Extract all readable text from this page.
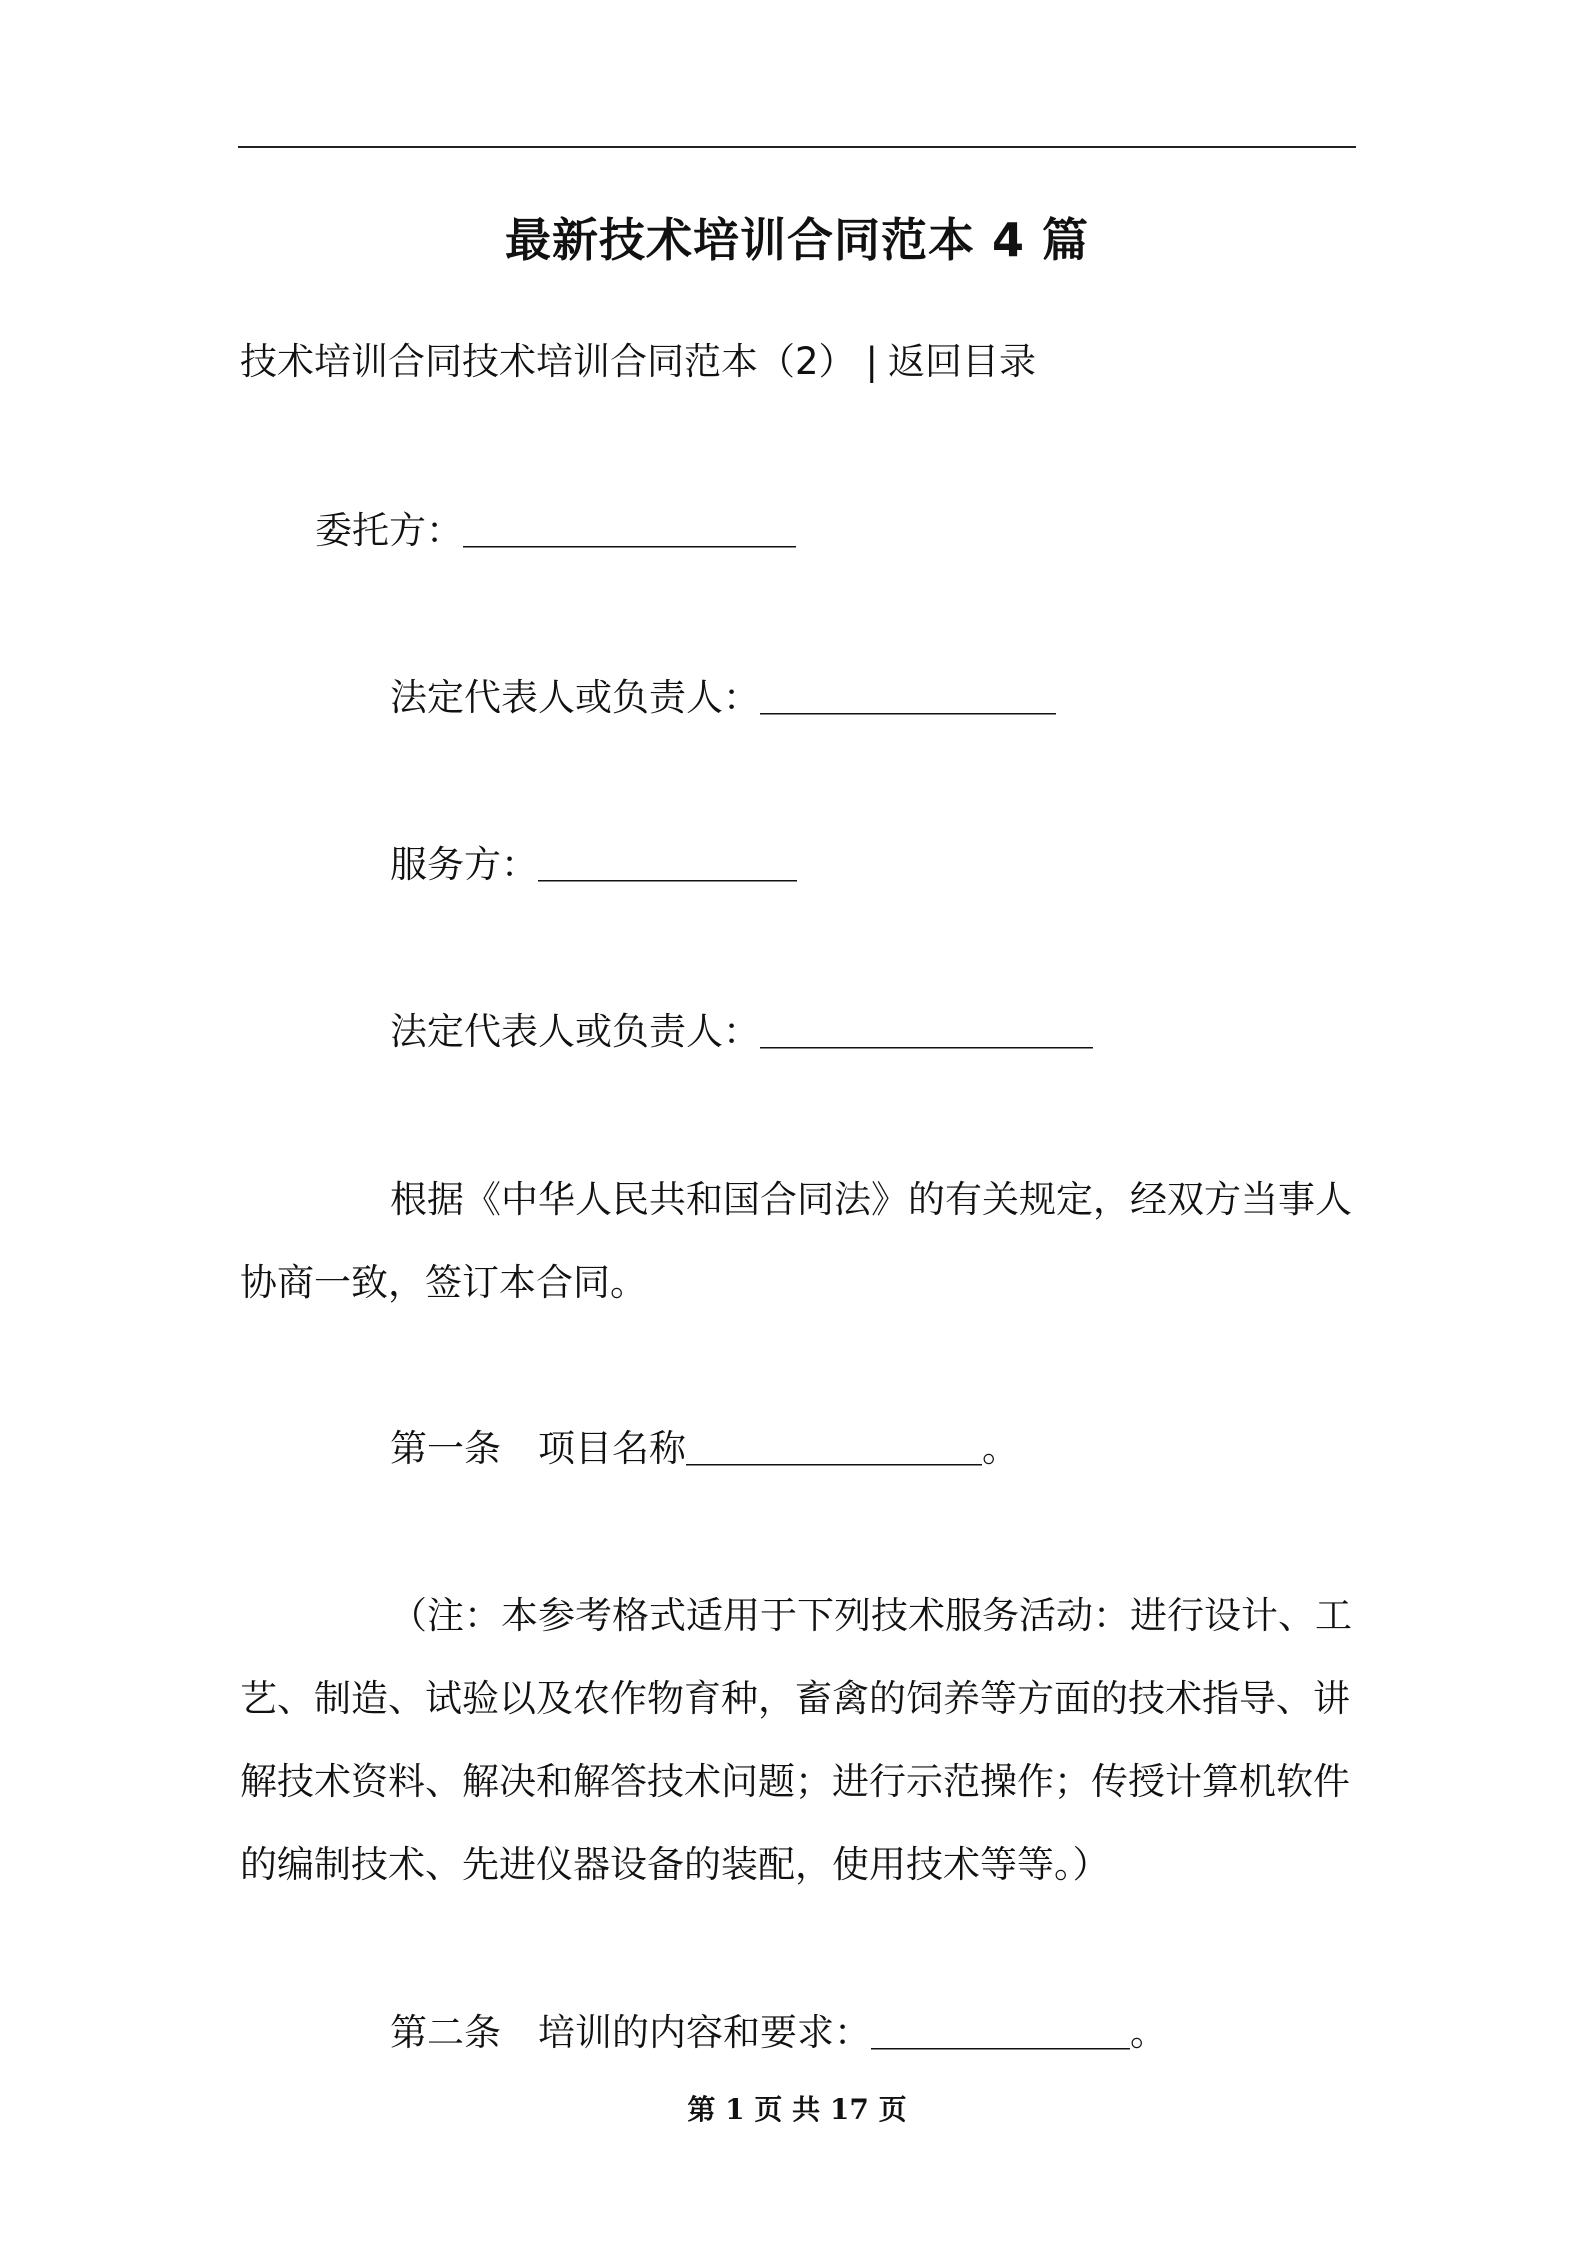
最新技术培训合同范本 4 篇
技术培训合同技术培训合同范本（2） | 返回目录
委托方：＿＿＿＿＿＿＿＿＿
法定代表人或负责人：＿＿＿＿＿＿＿＿
服务方：＿＿＿＿＿＿＿
法定代表人或负责人：＿＿＿＿＿＿＿＿＿
根据《中华人民共和国合同法》的有关规定，经双方当事人
协商一致，签订本合同。
第一条　项目名称＿＿＿＿＿＿＿＿。
（注：本参考格式适用于下列技术服务活动：进行设计、工
艺、制造、试验以及农作物育种，畜禽的饲养等方面的技术指导、讲
解技术资料、解决和解答技术问题；进行示范操作；传授计算机软件
的编制技术、先进仪器设备的装配，使用技术等等。）
第二条　培训的内容和要求：＿＿＿＿＿＿＿。
第 1 页 共 17 页
